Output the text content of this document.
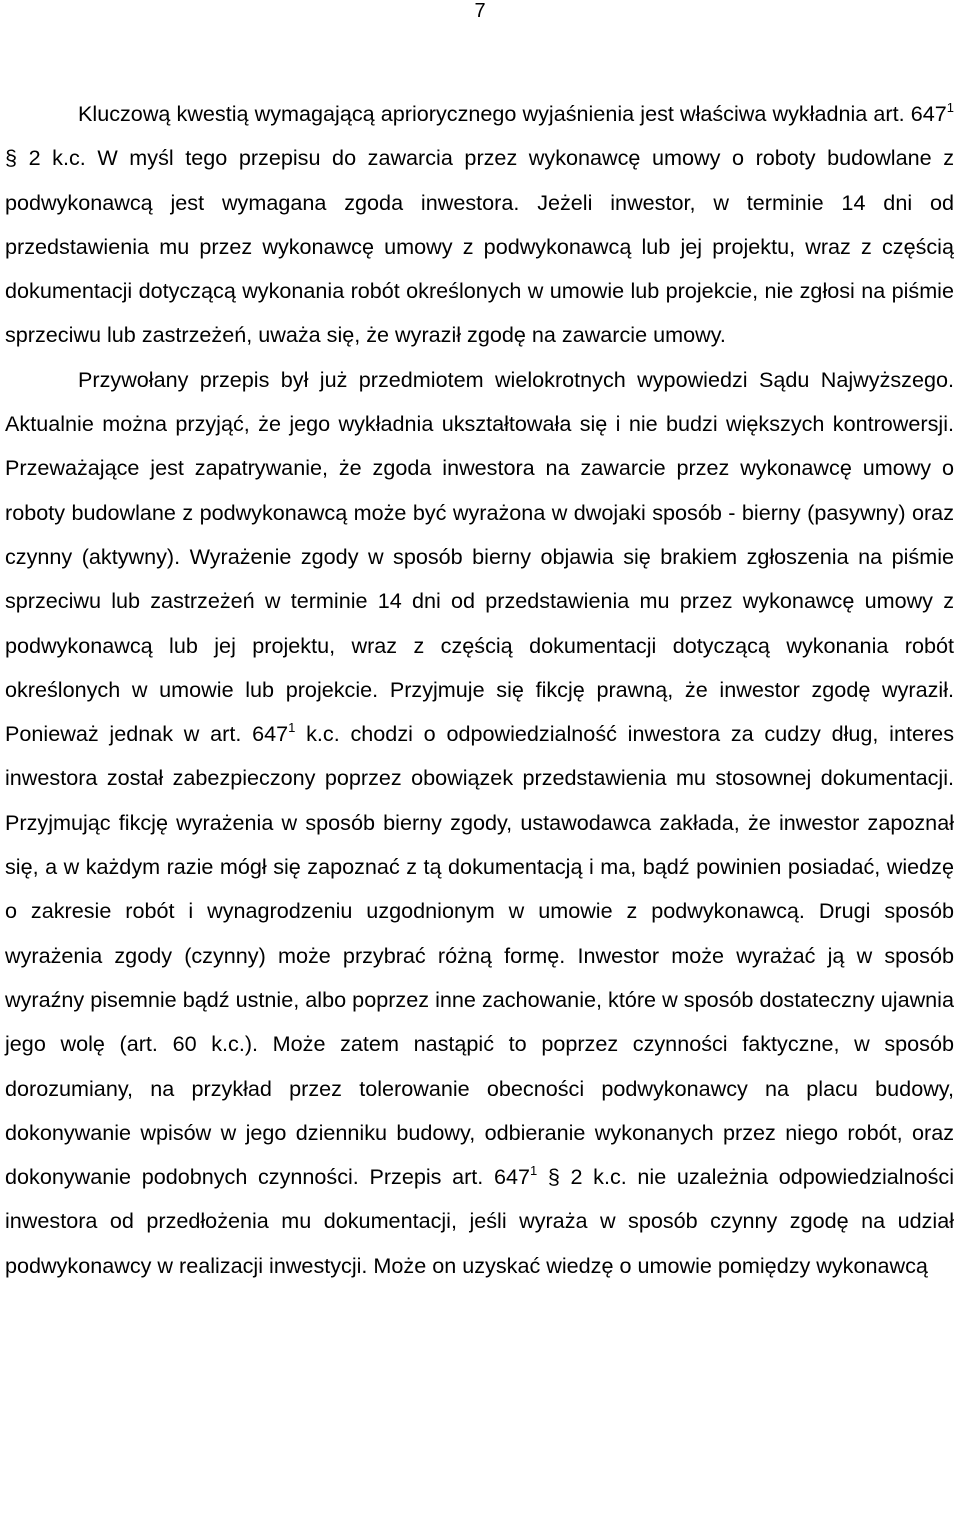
7

Kluczową kwestią wymagającą apriorycznego wyjaśnienia jest właściwa wykładnia art. $647^1$ § 2 k.c. W myśl tego przepisu do zawarcia przez wykonawcę umowy o roboty budowlane z podwykonawcą jest wymagana zgoda inwestora. Jeżeli inwestor, w terminie 14 dni od przedstawienia mu przez wykonawcę umowy z podwykonawcą lub jej projektu, wraz z częścią dokumentacji dotyczącą wykonania robót określonych w umowie lub projekcie, nie zgłosi na piśmie sprzeciwu lub zastrzeżeń, uważa się, że wyraził zgodę na zawarcie umowy.

Przywołany przepis był już przedmiotem wielokrotnych wypowiedzi Sądu Najwyższego. Aktualnie można przyjąć, że jego wykładnia ukształtowała się i nie budzi większych kontrowersji. Przeważające jest zapatrywanie, że zgoda inwestora na zawarcie przez wykonawcę umowy o roboty budowlane z podwykonawcą może być wyrażona w dwojaki sposób - bierny (pasywny) oraz czynny (aktywny). Wyrażenie zgody w sposób bierny objawia się brakiem zgłoszenia na piśmie sprzeciwu lub zastrzeżeń w terminie 14 dni od przedstawienia mu przez wykonawcę umowy z podwykonawcą lub jej projektu, wraz z częścią dokumentacji dotyczącą wykonania robót określonych w umowie lub projekcie. Przyjmuje się fikcję prawną, że inwestor zgodę wyraził. Ponieważ jednak w art. $647^1$ k.c. chodzi o odpowiedzialność inwestora za cudzy dług, interes inwestora został zabezpieczony poprzez obowiązek przedstawienia mu stosownej dokumentacji. Przyjmując fikcję wyrażenia w sposób bierny zgody, ustawodawca zakłada, że inwestor zapoznał się, a w każdym razie mógł się zapoznać z tą dokumentacją i ma, bądź powinien posiadać, wiedzę o zakresie robót i wynagrodzeniu uzgodnionym w umowie z podwykonawcą. Drugi sposób wyrażenia zgody (czynny) może przybrać różną formę. Inwestor może wyrażać ją w sposób wyraźny pisemnie bądź ustnie, albo poprzez inne zachowanie, które w sposób dostateczny ujawnia jego wolę (art. 60 k.c.). Może zatem nastąpić to poprzez czynności faktyczne, w sposób dorozumiany, na przykład przez tolerowanie obecności podwykonawcy na placu budowy, dokonywanie wpisów w jego dzienniku budowy, odbieranie wykonanych przez niego robót, oraz dokonywanie podobnych czynności. Przepis art. $647^1$ § 2 k.c. nie uzależnia odpowiedzialności inwestora od przedłożenia mu dokumentacji, jeśli wyraża w sposób czynny zgodę na udział podwykonawcy w realizacji inwestycji. Może on uzyskać wiedzę o umowie pomiędzy wykonawcą
